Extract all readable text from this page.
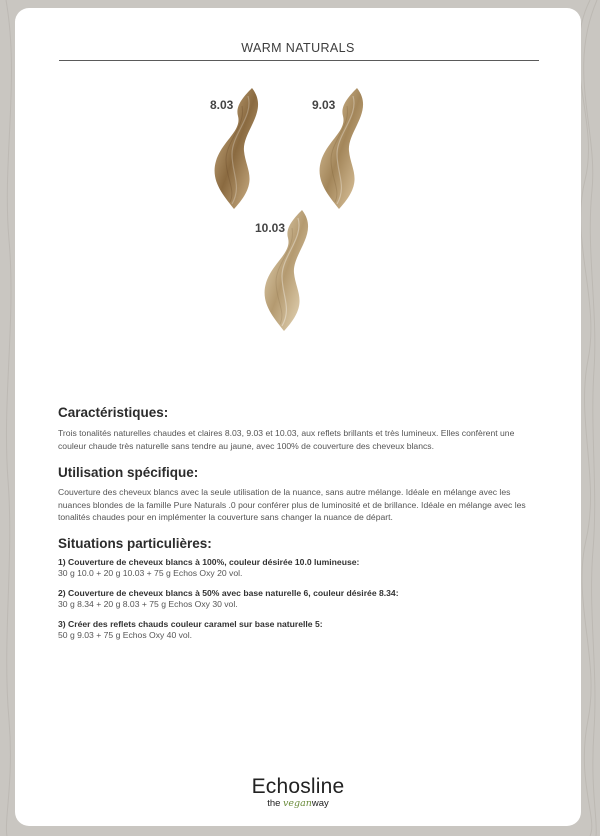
WARM NATURALS
8.03	9.03
10.03
Caractéristiques:

Trois tonalités naturelles chaudes et claires 8.03, 9.03 et 10.03, aux reflets brillants et très lumineux. Elles confèrent une couleur chaude très naturelle sans tendre au jaune, avec 100% de couverture des cheveux blancs.

Utilisation spécifique:

Couverture des cheveux blancs avec la seule utilisation de la nuance, sans autre mélange. Idéale en mélange avec les nuances blondes de la famille Pure Naturals .0 pour conférer plus de luminosité et de brillance. Idéale en mélange avec les tonalités chaudes pour en implémenter la couverture sans changer la nuance de départ.

Situations particulières:
1) Couverture de cheveux blancs à 100%, couleur désirée 10.0 lumineuse:
30 g 10.0 + 20 g 10.03 + 75 g Echos Oxy 20 vol.
2) Couverture de cheveux blancs à 50% avec base naturelle 6, couleur désirée 8.34:
30 g 8.34 + 20 g 8.03 + 75 g Echos Oxy 30 vol.
3) Créer des reflets chauds couleur caramel sur base naturelle 5:
50 g 9.03 + 75 g Echos Oxy 40 vol.
Echosline
the veganway
